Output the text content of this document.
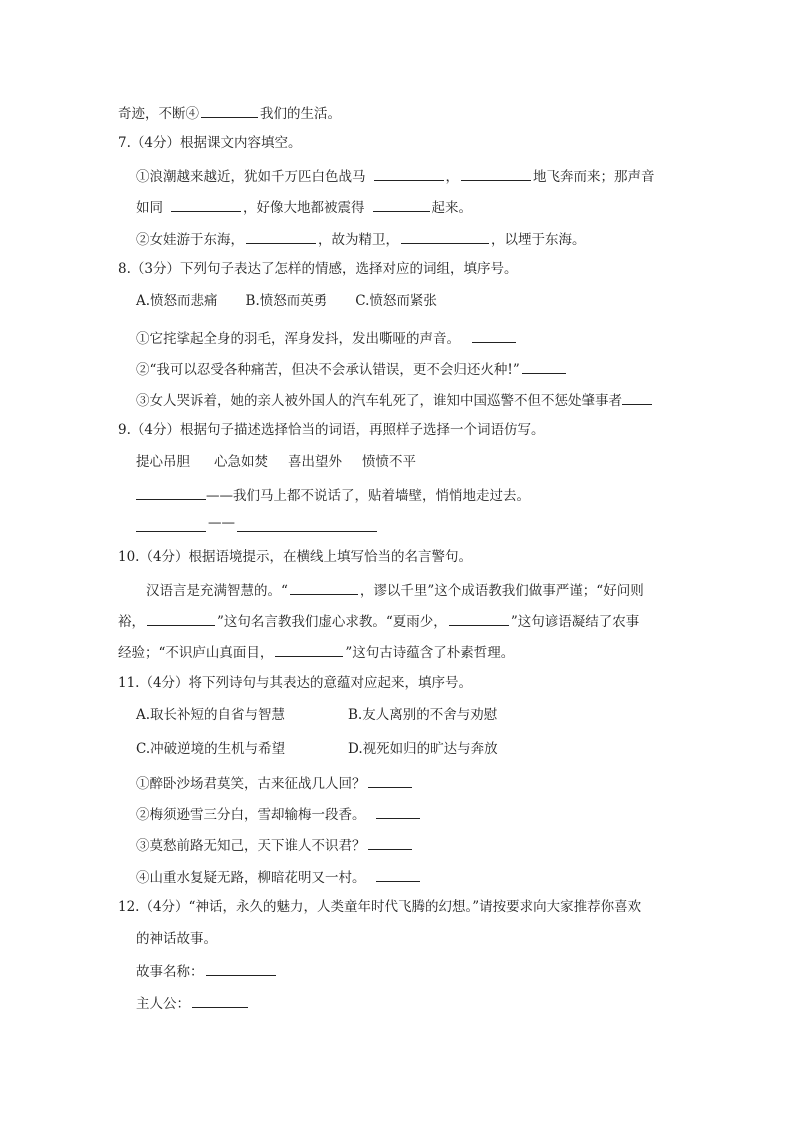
奇迹，不断④	我们的生活。
7.（4分）根据课文内容填空。
①浪潮越来越近，犹如千万匹白色战马	，	地飞奔而来；那声音
如同	，好像大地都被震得	起来。
②女娃游于东海，	，故为精卫，	，以堙于东海。
8.（3分）下列句子表达了怎样的情感，选择对应的词组，填序号。
A.愤怒而悲痛 B.愤怒而英勇 C.愤怒而紧张
①它挓挲起全身的羽毛，浑身发抖，发出嘶哑的声音。
②“我可以忍受各种痛苦，但决不会承认错误，更不会归还火种!”
③女人哭诉着，她的亲人被外国人的汽车轧死了，谁知中国巡警不但不惩处肇事者
9.（4分）根据句子描述选择恰当的词语，再照样子选择一个词语仿写。
提心吊胆 心急如焚 喜出望外 愤愤不平
——我们马上都不说话了，贴着墙壁，悄悄地走过去。
——
10.（4分）根据语境提示，在横线上填写恰当的名言警句。
汉语言是充满智慧的。“	，谬以千里”这个成语教我们做事严谨；“好问则
裕，	”这句名言教我们虚心求教。“夏雨少，	”这句谚语凝结了农事
经验；“不识庐山真面目，	”这句古诗蕴含了朴素哲理。
11.（4分）将下列诗句与其表达的意蕴对应起来，填序号。
A.取长补短的自省与智慧	B.友人离别的不舍与劝慰
C.冲破逆境的生机与希望	D.视死如归的旷达与奔放
①醉卧沙场君莫笑，古来征战几人回？
②梅须逊雪三分白，雪却输梅一段香。
③莫愁前路无知己，天下谁人不识君？
④山重水复疑无路，柳暗花明又一村。
12.（4分）“神话，永久的魅力，人类童年时代飞腾的幻想。”请按要求向大家推荐你喜欢
的神话故事。
故事名称：
主人公：
